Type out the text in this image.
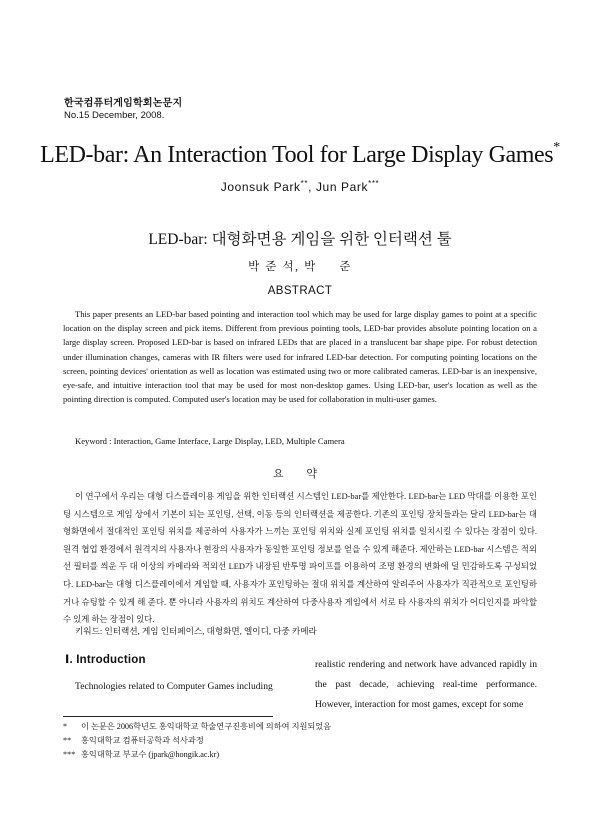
한국컴퓨터게임학회논문지
No.15 December, 2008.
LED-bar: An Interaction Tool for Large Display Games*
Joonsuk Park**, Jun Park***
LED-bar: 대형화면용 게임을 위한 인터랙션 툴
박 준 석, 박     준
ABSTRACT

This paper presents an LED-bar based pointing and interaction tool which may be used for large display games to point at a specific location on the display screen and pick items. Different from previous pointing tools, LED-bar provides absolute pointing location on a large display screen. Proposed LED-bar is based on infrared LEDs that are placed in a translucent bar shape pipe. For robust detection under illumination changes, cameras with IR filters were used for infrared LED-bar detection. For computing pointing locations on the screen, pointing devices' orientation as well as location was estimated using two or more calibrated cameras. LED-bar is an inexpensive, eye-safe, and intuitive interaction tool that may be used for most non-desktop games. Using LED-bar, user's location as well as the pointing direction is computed. Computed user's location may be used for collaboration in multi-user games.

Keyword : Interaction, Game Interface, Large Display, LED, Multiple Camera
요 약

이 연구에서 우리는 대형 디스플레이용 게임을 위한 인터랙션 시스템인 LED-bar를 제안한다. LED-bar는 LED 막대를 이용한 포인팅 시스템으로 게임 상에서 기본이 되는 포인팅, 선택, 이동 등의 인터랙션을 제공한다. 기존의 포인팅 장치들과는 달리 LED-bar는 대형화면에서 절대적인 포인팅 위치를 제공하여 사용자가 느끼는 포인팅 위치와 실제 포인팅 위치를 일치시킬 수 있다는 장점이 있다. 원격 협업 환경에서 원격지의 사용자나 현장의 사용자가 동일한 포인팅 정보를 얻을 수 있게 해준다. 제안하는 LED-bar 시스템은 적외선 필터를 씌운 두 대 이상의 카메라와 적외선 LED가 내장된 반투명 파이프를 이용하여 조명 환경의 변화에 덜 민감하도록 구성되었다. LED-bar는 대형 디스플레이에서 게임할 때, 사용자가 포인팅하는 절대 위치를 계산하여 알려주어 사용자가 직관적으로 포인팅하거나 슈팅할 수 있게 해 준다. 뿐 아니라 사용자의 위치도 계산하여 다중사용자 게임에서 서로 타 사용자의 위치가 어디인지를 파악할 수 있게 하는 장점이 있다.

키워드: 인터랙션, 게임 인터페이스, 대형화면, 엘이디, 다중 카메라
Ⅰ. Introduction

Technologies related to Computer Games including

realistic rendering and network have advanced rapidly in the past decade, achieving real-time performance. However, interaction for most games, except for some

* 이 논문은 2006학년도 홍익대학교 학술연구진흥비에 의하여 지원되었음
** 홍익대학교 컴퓨터공학과 석사과정
*** 홍익대학교 부교수 (jpark@hongik.ac.kr)
